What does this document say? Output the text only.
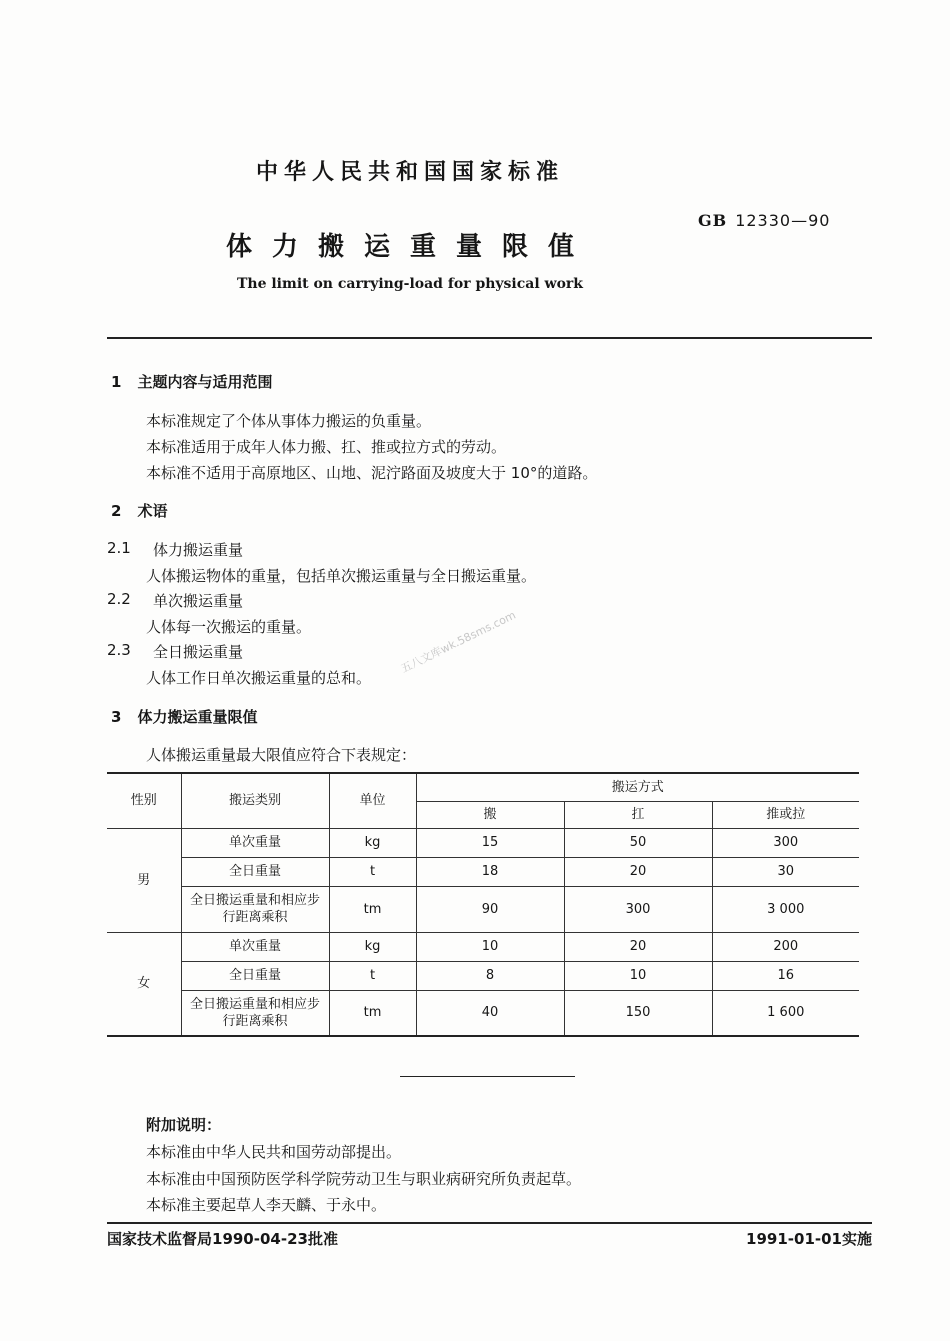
中华人民共和国国家标准
GB 12330—90
体力搬运重量限值
The limit on carrying-load for physical work
1 主题内容与适用范围
本标准规定了个体从事体力搬运的负重量。
本标准适用于成年人体力搬、扛、推或拉方式的劳动。
本标准不适用于高原地区、山地、泥泞路面及坡度大于 10°的道路。
2 术语
2.1 体力搬运重量
人体搬运物体的重量，包括单次搬运重量与全日搬运重量。
2.2 单次搬运重量
人体每一次搬运的重量。
2.3 全日搬运重量
人体工作日单次搬运重量的总和。
五八文库wk.58sms.com
3 体力搬运重量限值
人体搬运重量最大限值应符合下表规定：
性别	搬运类别	单位	搬运方式		
			搬	扛	推或拉
男	单次重量	kg	15	50	300
	全日重量	t	18	20	30
	全日搬运重量和相应步
行距离乘积	tm	90	300	3 000
女	单次重量	kg	10	20	200
	全日重量	t	8	10	16
	全日搬运重量和相应步
行距离乘积	tm	40	150	1 600
附加说明：
本标准由中华人民共和国劳动部提出。
本标准由中国预防医学科学院劳动卫生与职业病研究所负责起草。
本标准主要起草人李天麟、于永中。
国家技术监督局1990-04-23批准	1991-01-01实施
